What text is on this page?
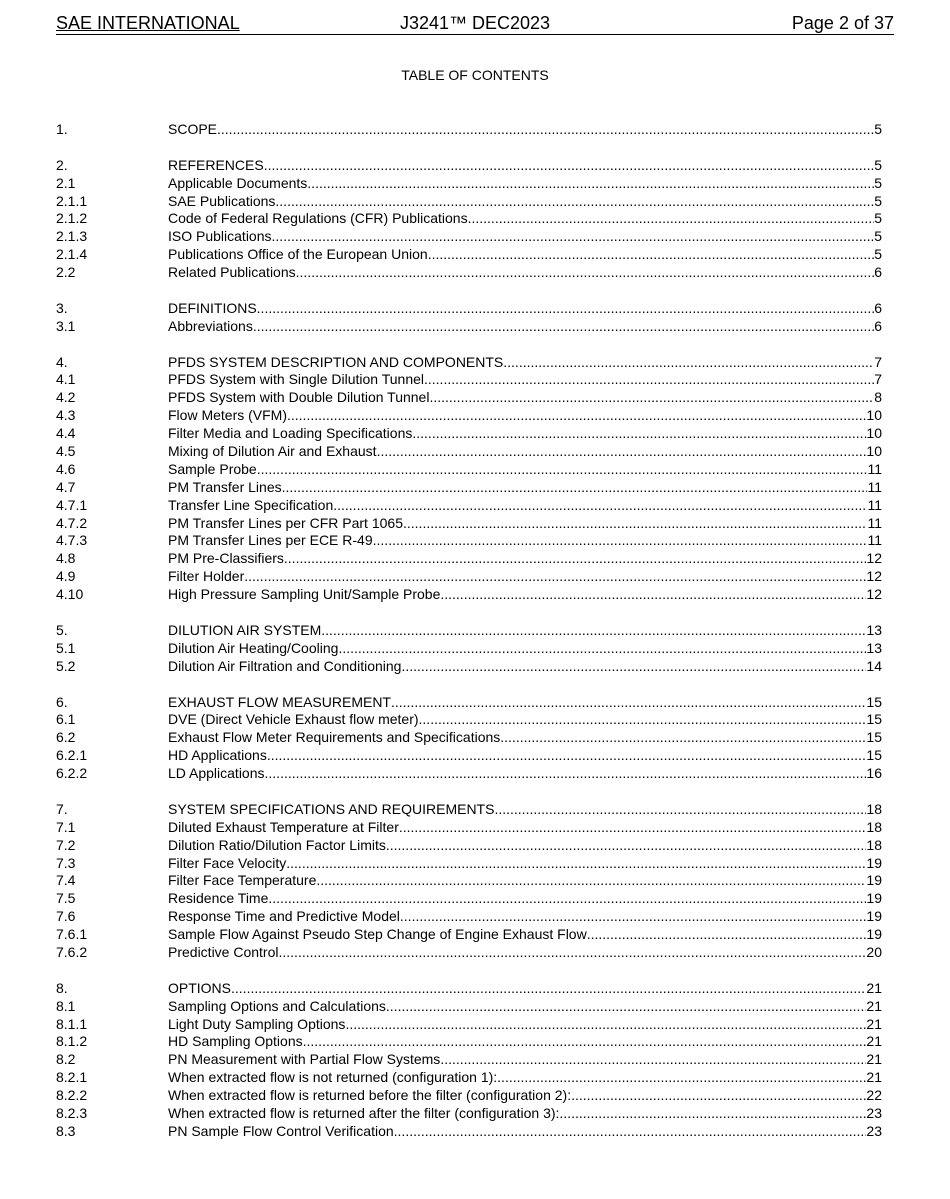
SAE INTERNATIONAL	J3241™ DEC2023	Page 2 of 37
TABLE OF CONTENTS
1.	SCOPE .....	5
2.	REFERENCES .....	5
2.1	Applicable Documents .....	5
2.1.1	SAE Publications .....	5
2.1.2	Code of Federal Regulations (CFR) Publications .....	5
2.1.3	ISO Publications .....	5
2.1.4	Publications Office of the European Union .....	5
2.2	Related Publications .....	6
3.	DEFINITIONS .....	6
3.1	Abbreviations .....	6
4.	PFDS SYSTEM DESCRIPTION AND COMPONENTS .....	7
4.1	PFDS System with Single Dilution Tunnel .....	7
4.2	PFDS System with Double Dilution Tunnel .....	8
4.3	Flow Meters (VFM) .....	10
4.4	Filter Media and Loading Specifications .....	10
4.5	Mixing of Dilution Air and Exhaust .....	10
4.6	Sample Probe .....	11
4.7	PM Transfer Lines .....	11
4.7.1	Transfer Line Specification .....	11
4.7.2	PM Transfer Lines per CFR Part 1065 .....	11
4.7.3	PM Transfer Lines per ECE R-49 .....	11
4.8	PM Pre-Classifiers .....	12
4.9	Filter Holder .....	12
4.10	High Pressure Sampling Unit/Sample Probe .....	12
5.	DILUTION AIR SYSTEM .....	13
5.1	Dilution Air Heating/Cooling .....	13
5.2	Dilution Air Filtration and Conditioning .....	14
6.	EXHAUST FLOW MEASUREMENT .....	15
6.1	DVE (Direct Vehicle Exhaust flow meter) .....	15
6.2	Exhaust Flow Meter Requirements and Specifications .....	15
6.2.1	HD Applications .....	15
6.2.2	LD Applications .....	16
7.	SYSTEM SPECIFICATIONS AND REQUIREMENTS .....	18
7.1	Diluted Exhaust Temperature at Filter .....	18
7.2	Dilution Ratio/Dilution Factor Limits .....	18
7.3	Filter Face Velocity .....	19
7.4	Filter Face Temperature .....	19
7.5	Residence Time .....	19
7.6	Response Time and Predictive Model .....	19
7.6.1	Sample Flow Against Pseudo Step Change of Engine Exhaust Flow .....	19
7.6.2	Predictive Control .....	20
8.	OPTIONS .....	21
8.1	Sampling Options and Calculations .....	21
8.1.1	Light Duty Sampling Options .....	21
8.1.2	HD Sampling Options .....	21
8.2	PN Measurement with Partial Flow Systems .....	21
8.2.1	When extracted flow is not returned (configuration 1): .....	21
8.2.2	When extracted flow is returned before the filter (configuration 2): .....	22
8.2.3	When extracted flow is returned after the filter (configuration 3): .....	23
8.3	PN Sample Flow Control Verification .....	23
